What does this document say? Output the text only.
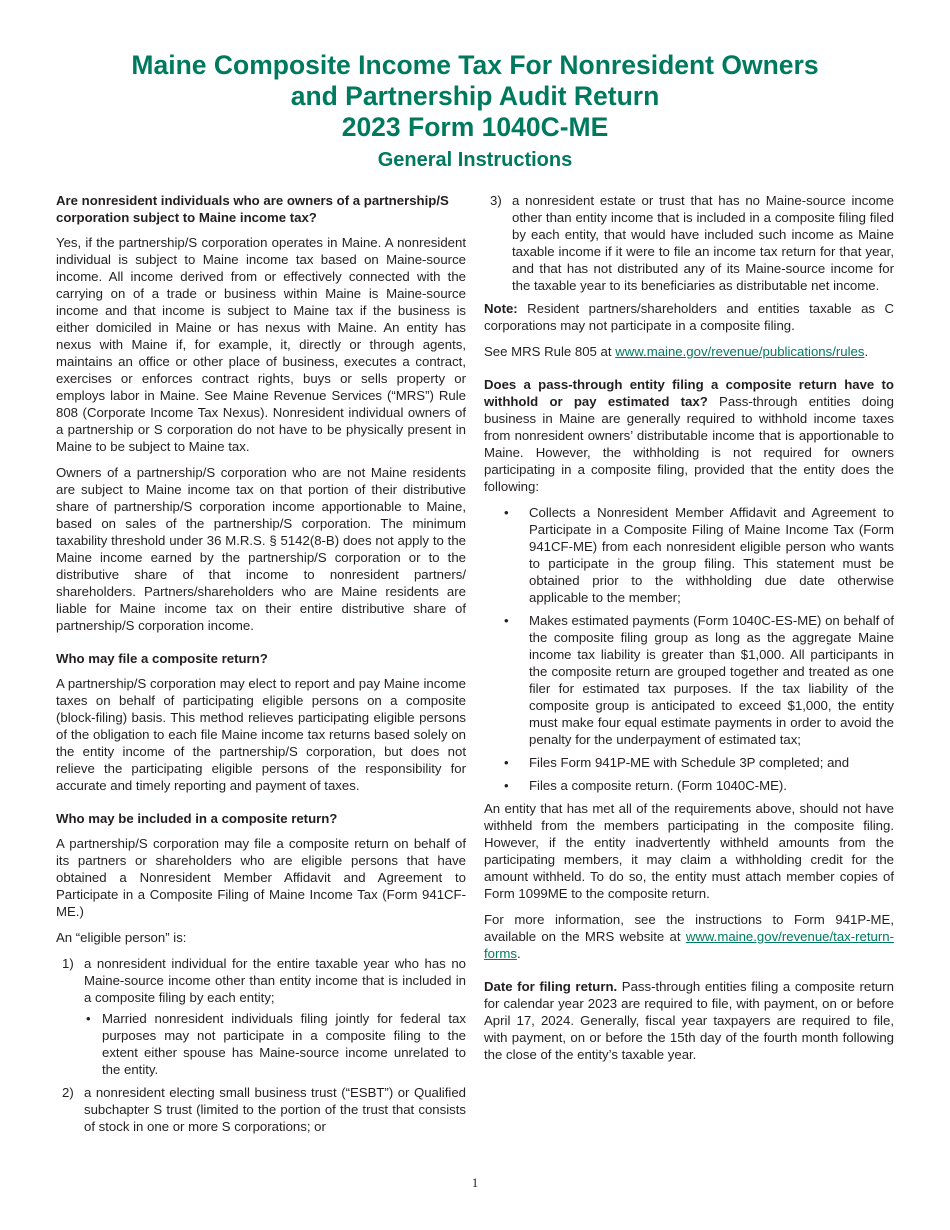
Maine Composite Income Tax For Nonresident Owners
and Partnership Audit Return
2023 Form 1040C-ME
General Instructions
Are nonresident individuals who are owners of a partnership/S corporation subject to Maine income tax?

Yes, if the partnership/S corporation operates in Maine. A nonresident individual is subject to Maine income tax based on Maine-source income. All income derived from or effectively connected with the carrying on of a trade or business within Maine is Maine-source income and that income is subject to Maine tax if the business is either domiciled in Maine or has nexus with Maine. An entity has nexus with Maine if, for example, it, directly or through agents, maintains an office or other place of business, executes a contract, exercises or enforces contract rights, buys or sells property or employs labor in Maine. See Maine Revenue Services (“MRS”) Rule 808 (Corporate Income Tax Nexus). Nonresident individual owners of a partnership or S corporation do not have to be physically present in Maine to be subject to Maine tax.

Owners of a partnership/S corporation who are not Maine residents are subject to Maine income tax on that portion of their distributive share of partnership/S corporation income apportionable to Maine, based on sales of the partnership/S corporation. The minimum taxability threshold under 36 M.R.S. § 5142(8-B) does not apply to the Maine income earned by the partnership/S corporation or to the distributive share of that income to nonresident partners/ shareholders. Partners/shareholders who are Maine residents are liable for Maine income tax on their entire distributive share of partnership/S corporation income.

Who may file a composite return?

A partnership/S corporation may elect to report and pay Maine income taxes on behalf of participating eligible persons on a composite (block-filing) basis. This method relieves participating eligible persons of the obligation to each file Maine income tax returns based solely on the entity income of the partnership/S corporation, but does not relieve the participating eligible persons of the responsibility for accurate and timely reporting and payment of taxes.

Who may be included in a composite return?

A partnership/S corporation may file a composite return on behalf of its partners or shareholders who are eligible persons that have obtained a Nonresident Member Affidavit and Agreement to Participate in a Composite Filing of Maine Income Tax (Form 941CF-ME.)

An “eligible person” is:

1) a nonresident individual for the entire taxable year who has no Maine-source income other than entity income that is included in a composite filing by each entity;
• Married nonresident individuals filing jointly for federal tax purposes may not participate in a composite filing to the extent either spouse has Maine-source income unrelated to the entity.
2) a nonresident electing small business trust (“ESBT”) or Qualified subchapter S trust (limited to the portion of the trust that consists of stock in one or more S corporations; or
3) a nonresident estate or trust that has no Maine-source income other than entity income that is included in a composite filing filed by each entity, that would have included such income as Maine taxable income if it were to file an income tax return for that year, and that has not distributed any of its Maine-source income for the taxable year to its beneficiaries as distributable net income.

Note: Resident partners/shareholders and entities taxable as C corporations may not participate in a composite filing.

See MRS Rule 805 at www.maine.gov/revenue/publications/rules.

Does a pass-through entity filing a composite return have to withhold or pay estimated tax? Pass-through entities doing business in Maine are generally required to withhold income taxes from nonresident owners’ distributable income that is apportionable to Maine. However, the withholding is not required for owners participating in a composite filing, provided that the entity does the following:

• Collects a Nonresident Member Affidavit and Agreement to Participate in a Composite Filing of Maine Income Tax (Form 941CF-ME) from each nonresident eligible person who wants to participate in the group filing. This statement must be obtained prior to the withholding due date otherwise applicable to the member;
• Makes estimated payments (Form 1040C-ES-ME) on behalf of the composite filing group as long as the aggregate Maine income tax liability is greater than $1,000. All participants in the composite return are grouped together and treated as one filer for estimated tax purposes. If the tax liability of the composite group is anticipated to exceed $1,000, the entity must make four equal estimate payments in order to avoid the penalty for the underpayment of estimated tax;
• Files Form 941P-ME with Schedule 3P completed; and
• Files a composite return. (Form 1040C-ME).

An entity that has met all of the requirements above, should not have withheld from the members participating in the composite filing. However, if the entity inadvertently withheld amounts from the participating members, it may claim a withholding credit for the amount withheld. To do so, the entity must attach member copies of Form 1099ME to the composite return.

For more information, see the instructions to Form 941P-ME, available on the MRS website at www.maine.gov/revenue/tax-return-forms.

Date for filing return. Pass-through entities filing a composite return for calendar year 2023 are required to file, with payment, on or before April 17, 2024. Generally, fiscal year taxpayers are required to file, with payment, on or before the 15th day of the fourth month following the close of the entity’s taxable year.

1
